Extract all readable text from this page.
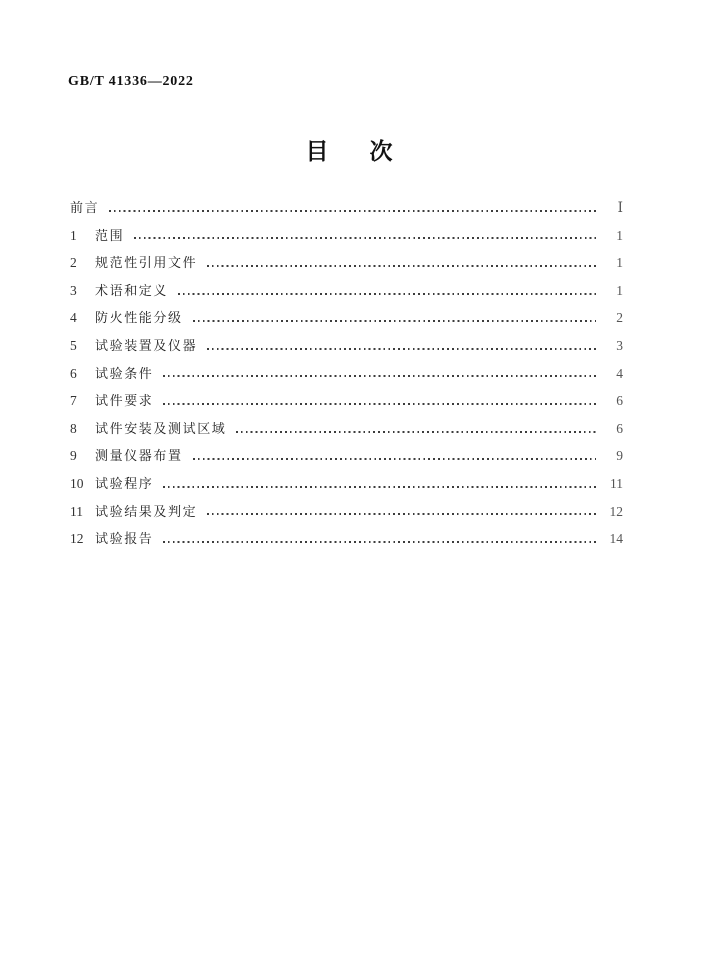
GB/T 41336—2022
目　次
前言	Ⅰ
1	范围	1
2	规范性引用文件	1
3	术语和定义	1
4	防火性能分级	2
5	试验装置及仪器	3
6	试验条件	4
7	试件要求	6
8	试件安装及测试区域	6
9	测量仪器布置	9
10 试验程序	11
11 试验结果及判定	12
12 试验报告	14
